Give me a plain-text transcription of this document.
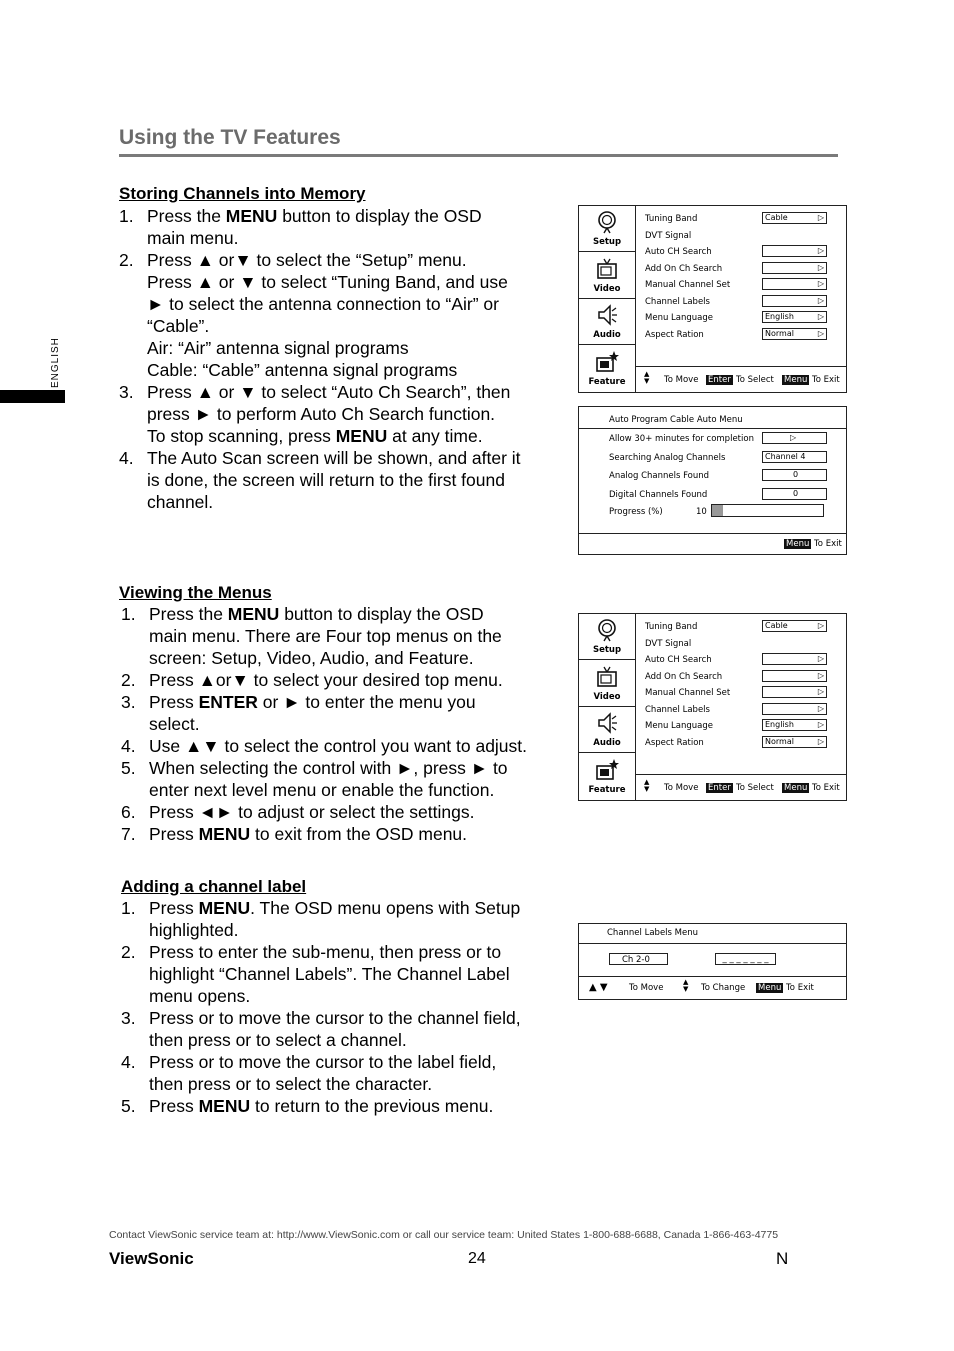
Using the TV Features
ENGLISH
Storing Channels into Memory
1. Press the MENU button to display the OSD
main menu.
2. Press ▲ or▼ to select the “Setup” menu.
Press ▲ or ▼ to select “Tuning Band, and use
► to select the antenna connection to “Air” or
“Cable”.
Air: “Air” antenna signal programs
Cable: “Cable” antenna signal programs
3. Press ▲ or ▼ to select “Auto Ch Search”, then
press ► to perform Auto Ch Search function.
To stop scanning, press MENU at any time.
4. The Auto Scan screen will be shown, and after it
is done, the screen will return to the first found
channel.
Viewing the Menus
1. Press the MENU button to display the OSD
main menu. There are Four top menus on the
screen: Setup, Video, Audio, and Feature.
2. Press ▲or▼ to select your desired top menu.
3. Press ENTER or ► to enter the menu you
select.
4. Use ▲▼ to select the control you want to adjust.
5. When selecting the control with ►, press ► to
enter next level menu or enable the function.
6. Press ◄► to adjust or select the settings.
7. Press MENU to exit from the OSD menu.
Adding a channel label
1. Press MENU. The OSD menu opens with Setup
highlighted.
2. Press to enter the sub-menu, then press or to
highlight “Channel Labels”. The Channel Label
menu opens.
3. Press or to move the cursor to the channel field,
then press or to select a channel.
4. Press or to move the cursor to the label field,
then press or to select the character.
5. Press MENU to return to the previous menu.
Setup
Video
Audio
Feature
Tuning Band	Cable	▷
DVT Signal
Auto CH Search	▷
Add On Ch Search	▷
Manual Channel Set	▷
Channel Labels	▷
Menu Language	English	▷
Aspect Ration	Normal	▷
▲
▼ To Move Enter To Select Menu To Exit
Setup
Video
Audio
Feature
Tuning Band	Cable	▷
DVT Signal
Auto CH Search	▷
Add On Ch Search	▷
Manual Channel Set	▷
Channel Labels	▷
Menu Language	English	▷
Aspect Ration	Normal	▷
▲
▼ To Move Enter To Select Menu To Exit
Auto Program Cable Auto Menu
Progress (%)	10
Menu To Exit
Allow 30+ minutes for completion	▷
Searching Analog Channels	Channel 4
Analog Channels Found	0
Digital Channels Found	0
Channel Labels Menu
Ch 2-0	_ _ _ _ _ _ _
▲ ▼	To Move
▲
▼ To Change Menu To Exit
Contact ViewSonic service team at: http://www.ViewSonic.com or call our service team: United States 1-800-688-6688, Canada 1-866-463-4775
ViewSonic	24	N
